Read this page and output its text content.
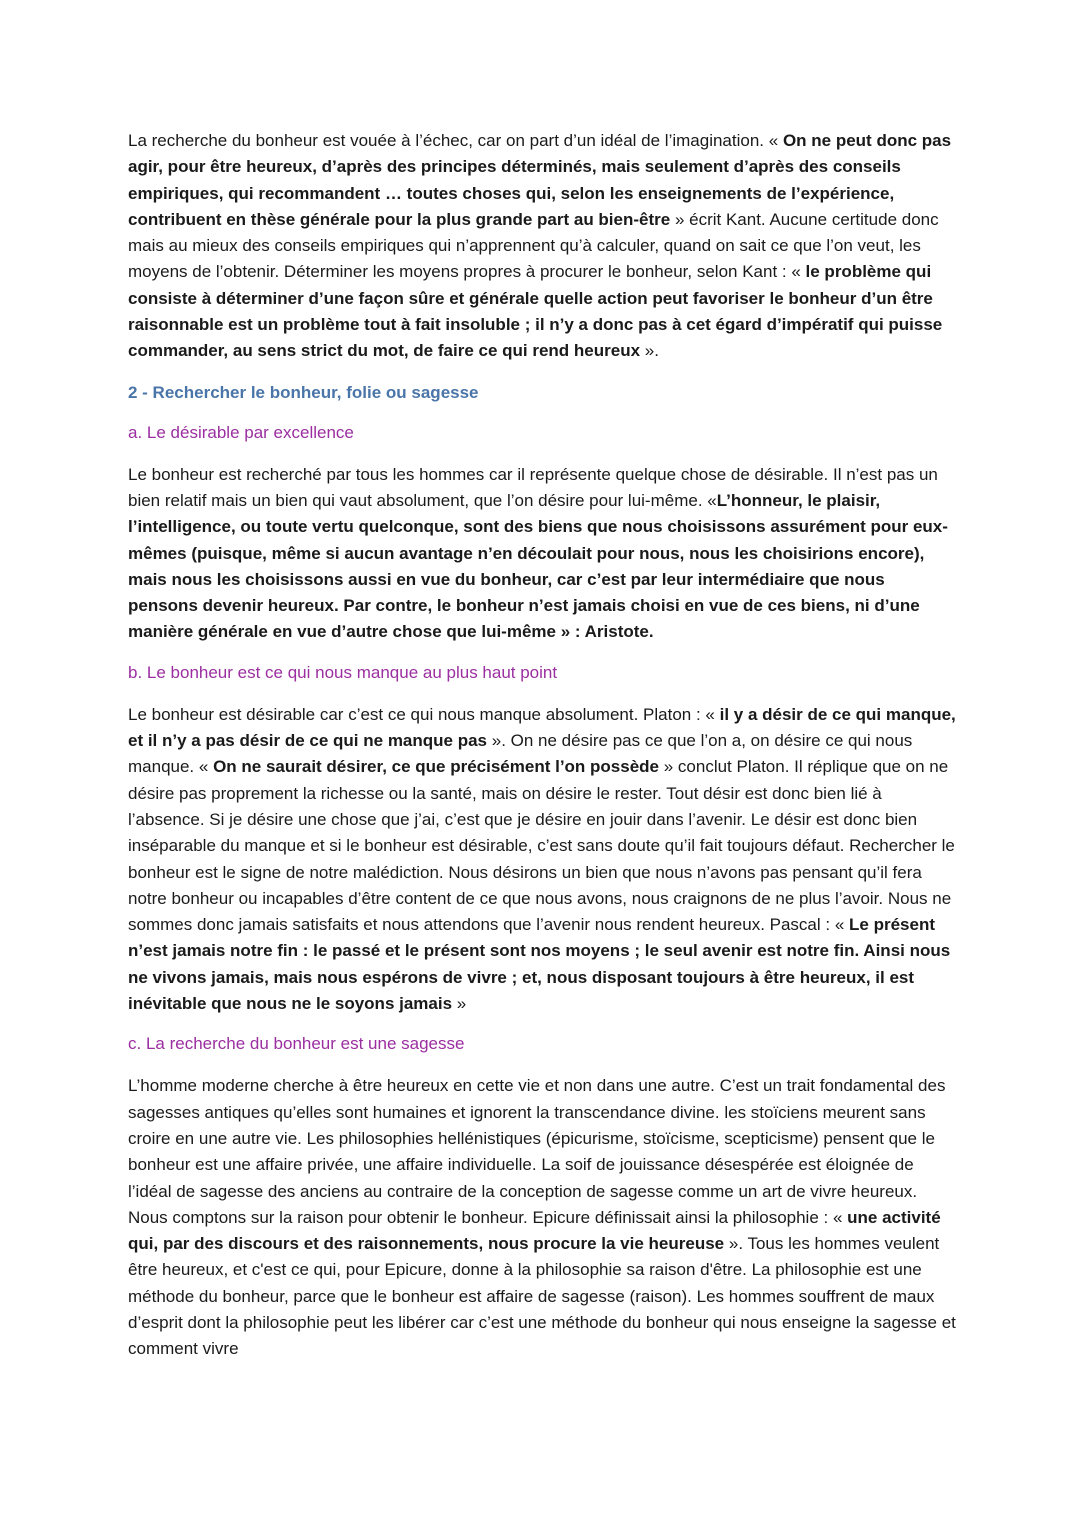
La recherche du bonheur est vouée à l’échec, car on part d’un idéal de l’imagination. « On ne peut donc pas agir, pour être heureux, d’après des principes déterminés, mais seulement d’après des conseils empiriques, qui recommandent … toutes choses qui, selon les enseignements de l’expérience, contribuent en thèse générale pour la plus grande part au bien-être » écrit Kant. Aucune certitude donc mais au mieux des conseils empiriques qui n’apprennent qu’à calculer, quand on sait ce que l’on veut, les moyens de l’obtenir. Déterminer les moyens propres à procurer le bonheur, selon Kant : « le problème qui consiste à déterminer d’une façon sûre et générale quelle action peut favoriser le bonheur d’un être raisonnable est un problème tout à fait insoluble ; il n’y a donc pas à cet égard d’impératif qui puisse commander, au sens strict du mot, de faire ce qui rend heureux ».

2 - Rechercher le bonheur, folie ou sagesse

a. Le désirable par excellence

Le bonheur est recherché par tous les hommes car il représente quelque chose de désirable. Il n’est pas un bien relatif mais un bien qui vaut absolument, que l’on désire pour lui-même. «L’honneur, le plaisir, l’intelligence, ou toute vertu quelconque, sont des biens que nous choisissons assurément pour eux-mêmes (puisque, même si aucun avantage n’en découlait pour nous, nous les choisirions encore), mais nous les choisissons aussi en vue du bonheur, car c’est par leur intermédiaire que nous pensons devenir heureux. Par contre, le bonheur n’est jamais choisi en vue de ces biens, ni d’une manière générale en vue d’autre chose que lui-même » : Aristote.

b. Le bonheur est ce qui nous manque au plus haut point

Le bonheur est désirable car c’est ce qui nous manque absolument. Platon : « il y a désir de ce qui manque, et il n’y a pas désir de ce qui ne manque pas ». On ne désire pas ce que l’on a, on désire ce qui nous manque. « On ne saurait désirer, ce que précisément l’on possède » conclut Platon. Il réplique que on ne désire pas proprement la richesse ou la santé, mais on désire le rester. Tout désir est donc bien lié à l’absence. Si je désire une chose que j’ai, c’est que je désire en jouir dans l’avenir. Le désir est donc bien inséparable du manque et si le bonheur est désirable, c’est sans doute qu’il fait toujours défaut. Rechercher le bonheur est le signe de notre malédiction. Nous désirons un bien que nous n’avons pas pensant qu’il fera notre bonheur ou incapables d’être content de ce que nous avons, nous craignons de ne plus l’avoir. Nous ne sommes donc jamais satisfaits et nous attendons que l’avenir nous rendent heureux. Pascal : « Le présent n’est jamais notre fin : le passé et le présent sont nos moyens ; le seul avenir est notre fin. Ainsi nous ne vivons jamais, mais nous espérons de vivre ; et, nous disposant toujours à être heureux, il est inévitable que nous ne le soyons jamais »

c. La recherche du bonheur est une sagesse

L’homme moderne cherche à être heureux en cette vie et non dans une autre. C’est un trait fondamental des sagesses antiques qu’elles sont humaines et ignorent la transcendance divine. les stoïciens meurent sans croire en une autre vie. Les philosophies hellénistiques (épicurisme, stoïcisme, scepticisme) pensent que le bonheur est une affaire privée, une affaire individuelle. La soif de jouissance désespérée est éloignée de l’idéal de sagesse des anciens au contraire de la conception de sagesse comme un art de vivre heureux. Nous comptons sur la raison pour obtenir le bonheur. Epicure définissait ainsi la philosophie : « une activité qui, par des discours et des raisonnements, nous procure la vie heureuse ». Tous les hommes veulent être heureux, et c'est ce qui, pour Epicure, donne à la philosophie sa raison d'être. La philosophie est une méthode du bonheur, parce que le bonheur est affaire de sagesse (raison). Les hommes souffrent de maux d’esprit dont la philosophie peut les libérer car c’est une méthode du bonheur qui nous enseigne la sagesse et comment vivre
